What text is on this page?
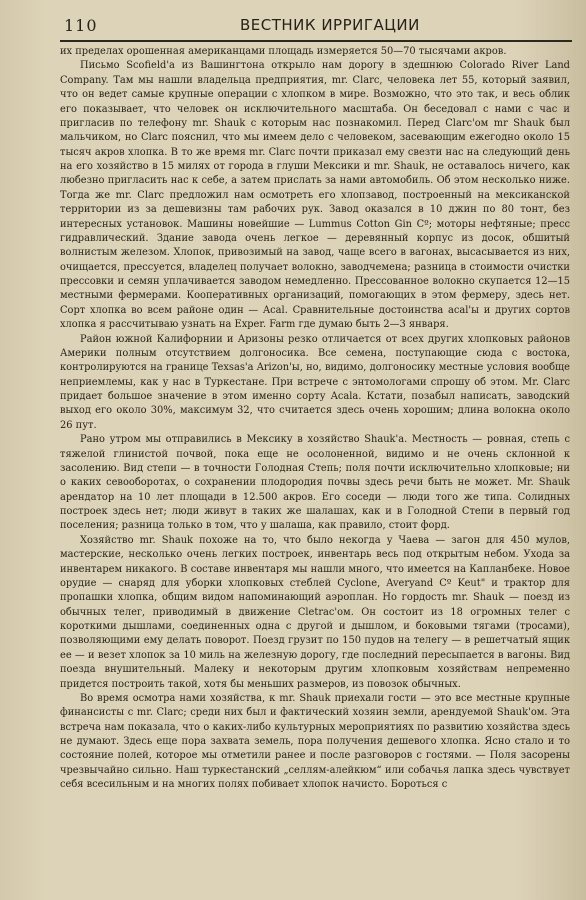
110	ВЕСТНИК ИРРИГАЦИИ

их пределах орошенная американцами площадь измеряется 50—70 тысячами акров.

Письмо Scofield'a из Вашингтона открыло нам дорогу в здешнюю Colorado River Land Company. Там мы нашли владельца предприятия, mr. Clarc, человека лет 55, который заявил, что он ведет самые крупные операции с хлопком в мире. Возможно, что это так, и весь облик его показывает, что человек он исключительного масштаба. Он беседовал с нами с час и пригласив по телефону mr. Shauk с которым нас познакомил. Перед Clarc'ом mr Shauk был мальчиком, но Clarc пояснил, что мы имеем дело с человеком, засевающим ежегодно около 15 тысяч акров хлопка. В то же время mr. Clarc почти приказал ему свезти нас на следующий день на его хозяйство в 15 милях от города в глуши Мексики и mr. Shauk, не оставалось ничего, как любезно пригласить нас к себе, а затем прислать за нами автомобиль. Об этом несколько ниже. Тогда же mr. Clarc предложил нам осмотреть его хлопзавод, построенный на мексиканской территории из за дешевизны там рабочих рук. Завод оказался в 10 джин по 80 тонт, без интересных установок. Машины новейшие — Lummus Cotton Gin Cº; моторы нефтяные; пресс гидравлический. Здание завода очень легкое — деревянный корпус из досок, обшитый волнистым железом. Хлопок, привозимый на завод, чаще всего в вагонах, высасывается из них, очищается, прессуется, владелец получает волокно, заводчемена; разница в стоимости очистки прессовки и семян уплачивается заводом немедленно. Прессованное волокно скупается 12—15 местными фермерами. Кооперативных организаций, помогающих в этом фермеру, здесь нет. Сорт хлопка во всем районе один — Acal. Сравнительные достоинства acal'ы и других сортов хлопка я рассчитываю узнать на Exper. Farm где думаю быть 2—3 января.

Район южной Калифорнии и Аризоны резко отличается от всех других хлопковых районов Америки полным отсутствием долгоносика. Все семена, поступающие сюда с востока, контролируются на границе Texsas'a Arizon'ы, но, видимо, долгоносику местные условия вообще неприемлемы, как у нас в Туркестане. При встрече с энтомологами спрошу об этом. Mr. Clarc придает большое значение в этом именно сорту Acala. Кстати, позабыл написать, заводский выход его около 30%, максимум 32, что считается здесь очень хорошим; длина волокна около 26 пут.

Рано утром мы отправились в Мексику в хозяйство Shauk'a. Местность — ровная, степь с тяжелой глинистой почвой, пока еще не осолоненной, видимо и не очень склонной к засолению. Вид степи — в точности Голодная Степь; поля почти исключительно хлопковые; ни о каких севооборотах, о сохранении плодородия почвы здесь речи быть не может. Mr. Shauk арендатор на 10 лет площади в 12.500 акров. Его соседи — люди того же типа. Солидных построек здесь нет; люди живут в таких же шалашах, как и в Голодной Степи в первый год поселения; разница только в том, что у шалаша, как правило, стоит форд.

Хозяйство mr. Shauk похоже на то, что было некогда у Чаева — загон для 450 мулов, мастерские, несколько очень легких построек, инвентарь весь под открытым небом. Ухода за инвентарем никакого. В составе инвентаря мы нашли много, что имеется на Капланбеке. Новое орудие — снаряд для уборки хлопковых стеблей Cyclone, Averyand Cº Keut" и трактор для пропашки хлопка, общим видом напоминающий аэроплан. Но гордость mr. Shauk — поезд из обычных телег, приводимый в движение Cletrac'ом. Он состоит из 18 огромных телег с короткими дышлами, соединенных одна с другой и дышлом, и боковыми тягами (тросами), позволяющими ему делать поворот. Поезд грузит по 150 пудов на телегу — в решетчатый ящик ее — и везет хлопок за 10 миль на железную дорогу, где последний пересыпается в вагоны. Вид поезда внушительный. Малеку и некоторым другим хлопковым хозяйствам непременно придется построить такой, хотя бы меньших размеров, из повозок обычных.

Во время осмотра нами хозяйства, к mr. Shauk приехали гости — это все местные крупные финансисты с mr. Clarc; среди них был и фактический хозяин земли, арендуемой Shauk'ом. Эта встреча нам показала, что о каких-либо культурных мероприятиях по развитию хозяйства здесь не думают. Здесь еще пора захвата земель, пора получения дешевого хлопка. Ясно стало и то состояние полей, которое мы отметили ранее и после разговоров с гостями. — Поля засорены чрезвычайно сильно. Наш туркестанский „селлям-алейкюм“ или собачья лапка здесь чувствует себя всесильным и на многих полях побивает хлопок начисто. Бороться с
